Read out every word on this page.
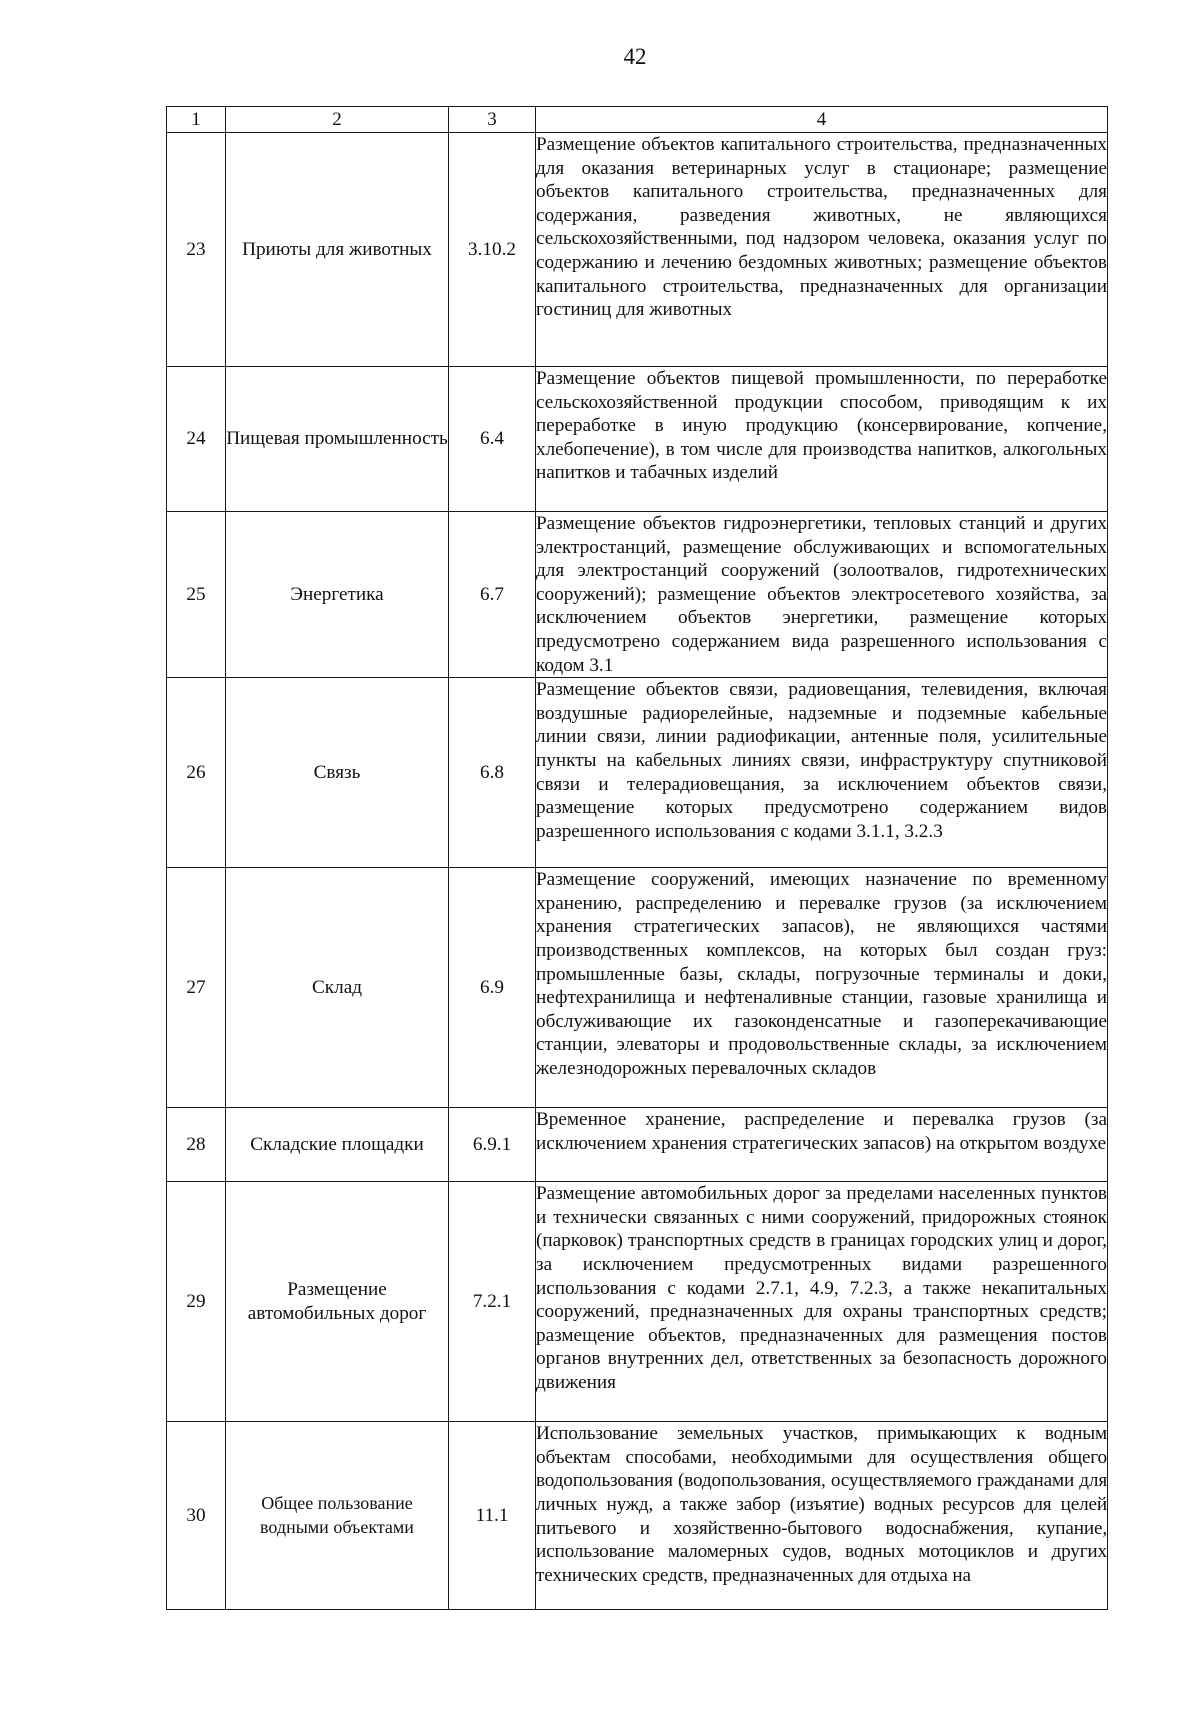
42
1	2	3	4
23	Приюты для животных	3.10.2	Размещение объектов капитального строительства, предназначенных для оказания ветеринарных услуг в стационаре; размещение объектов капитального строительства, предназначенных для содержания, разведения животных, не являющихся сельскохозяйственными, под надзором человека, оказания услуг по содержанию и лечению бездомных животных; размещение объектов капитального строительства, предназначенных для организации гостиниц для животных
24	Пищевая промышленность	6.4	Размещение объектов пищевой промышленности, по переработке сельскохозяйственной продукции способом, приводящим к их переработке в иную продукцию (консервирование, копчение, хлебопечение), в том числе для производства напитков, алкогольных напитков и табачных изделий
25	Энергетика	6.7	Размещение объектов гидроэнергетики, тепловых станций и других электростанций, размещение обслуживающих и вспомогательных для электростанций сооружений (золоотвалов, гидротехнических сооружений); размещение объектов электросетевого хозяйства, за исключением объектов энергетики, размещение которых предусмотрено содержанием вида разрешенного использования с кодом 3.1
26	Связь	6.8	Размещение объектов связи, радиовещания, телевидения, включая воздушные радиорелейные, надземные и подземные кабельные линии связи, линии радиофикации, антенные поля, усилительные пункты на кабельных линиях связи, инфраструктуру спутниковой связи и телерадиовещания, за исключением объектов связи, размещение которых предусмотрено содержанием видов разрешенного использования с кодами 3.1.1, 3.2.3
27	Склад	6.9	Размещение сооружений, имеющих назначение по временному хранению, распределению и перевалке грузов (за исключением хранения стратегических запасов), не являющихся частями производственных комплексов, на которых был создан груз: промышленные базы, склады, погрузочные терминалы и доки, нефтехранилища и нефтеналивные станции, газовые хранилища и обслуживающие их газоконденсатные и газоперекачивающие станции, элеваторы и продовольственные склады, за исключением железнодорожных перевалочных складов
28	Складские площадки	6.9.1	Временное хранение, распределение и перевалка грузов (за исключением хранения стратегических запасов) на открытом воздухе
29	Размещение автомобильных дорог	7.2.1	Размещение автомобильных дорог за пределами населенных пунктов и технически связанных с ними сооружений, придорожных стоянок (парковок) транспортных средств в границах городских улиц и дорог, за исключением предусмотренных видами разрешенного использования с кодами 2.7.1, 4.9, 7.2.3, а также некапитальных сооружений, предназначенных для охраны транспортных средств; размещение объектов, предназначенных для размещения постов органов внутренних дел, ответственных за безопасность дорожного движения
30	Общее пользование водными объектами	11.1	Использование земельных участков, примыкающих к водным объектам способами, необходимыми для осуществления общего водопользования (водопользования, осуществляемого гражданами для личных нужд, а также забор (изъятие) водных ресурсов для целей питьевого и хозяйственно-бытового водоснабжения, купание, использование маломерных судов, водных мотоциклов и других технических средств, предназначенных для отдыха на
